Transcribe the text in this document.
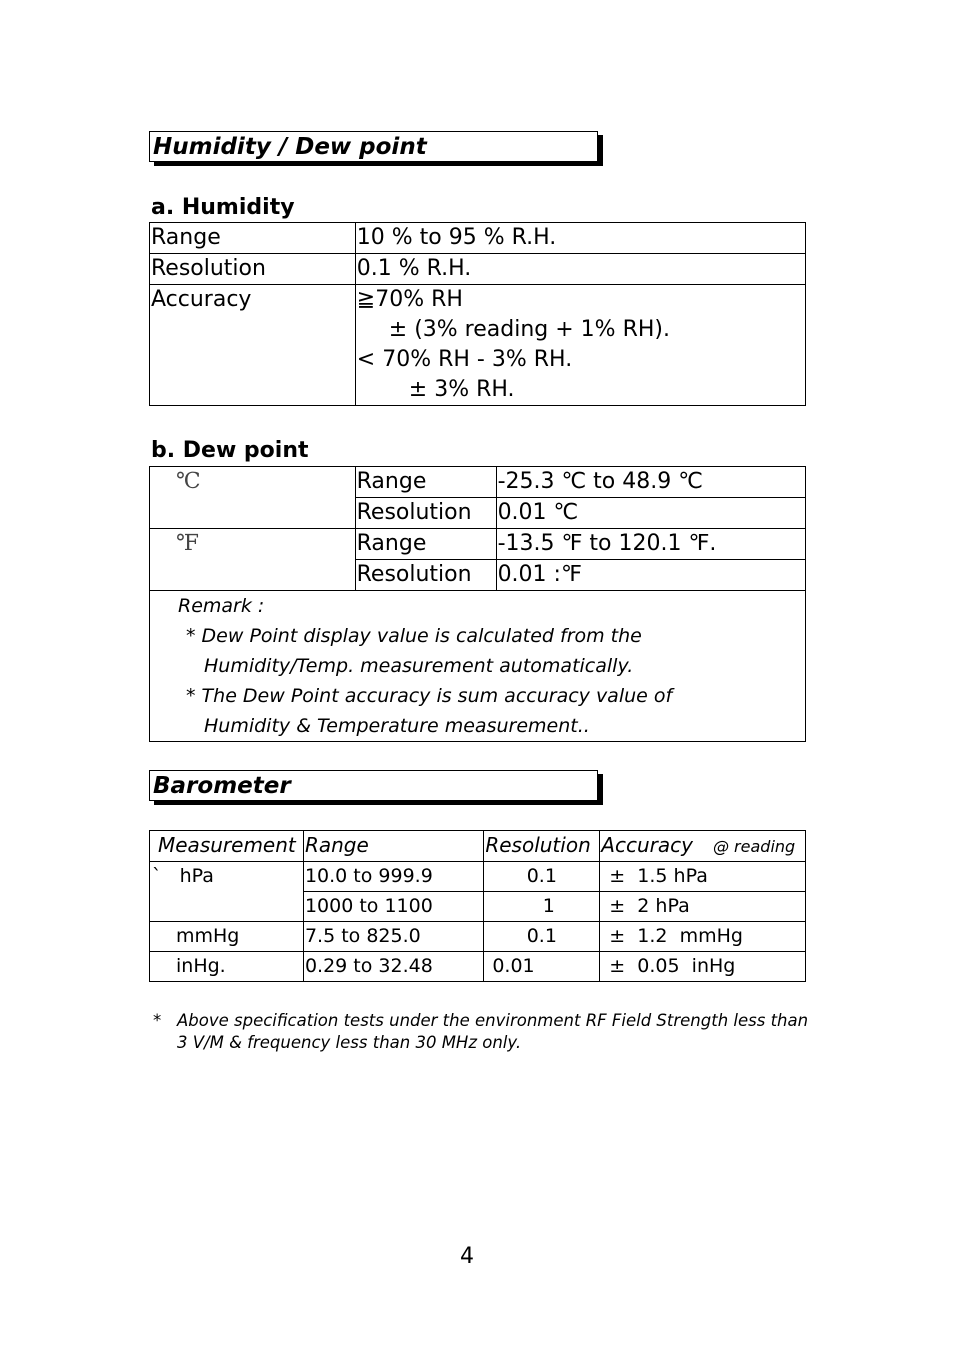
Humidity / Dew point
a. Humidity
Range	10 % to 95 % R.H.
Resolution	0.1 % R.H.
Accuracy	≧70% RH
± (3% reading + 1% RH).
< 70% RH - 3% RH.
± 3% RH.
b. Dew point
℃	Range	-25.3 ℃ to 48.9 ℃
	Resolution	0.01 ℃
℉	Range	-13.5 ℉ to 120.1 ℉.
	Resolution	0.01 :℉

Remark :
* Dew Point display value is calculated from the
Humidity/Temp. measurement automatically.
* The Dew Point accuracy is sum accuracy value of
Humidity & Temperature measurement..		
Barometer
Measurement	Range	Resolution	Accuracy @ reading
`   hPa	10.0 to 999.9	0.1	±  1.5 hPa
	1000 to 1100	1	±  2 hPa
mmHg	7.5 to 825.0	0.1	±  1.2  mmHg
inHg.	0.29 to 32.48	0.01	±  0.05  inHg
* Above specification tests under the environment RF Field Strength less than 3 V/M & frequency less than 30 MHz only.
4
